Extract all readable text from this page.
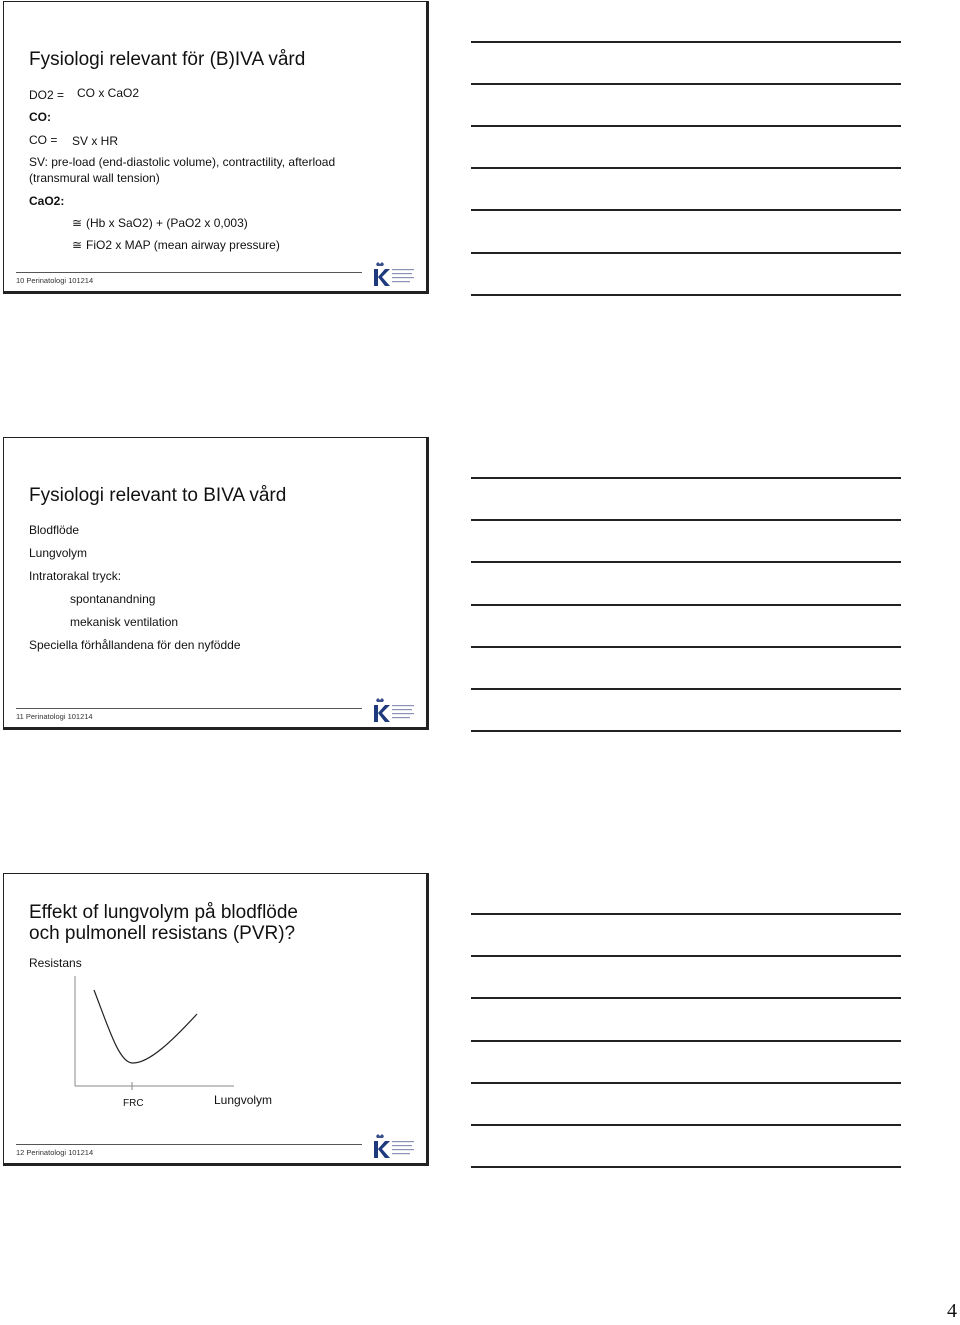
Fysiologi relevant för (B)IVA vård
DO2 = CO x CaO2
CO:
CO = SV x HR
SV: pre-load (end-diastolic volume), contractility, afterload
(transmural wall tension)
CaO2:
≅ (Hb x SaO2) + (PaO2 x 0,003)
≅ FiO2 x MAP (mean airway pressure)
10 Perinatologi 101214
Fysiologi relevant to BIVA vård
Blodflöde
Lungvolym
Intratorakal tryck:
spontanandning
mekanisk ventilation
Speciella förhållandena för den nyfödde
11 Perinatologi 101214
Effekt of lungvolym på blodflöde
och pulmonell resistans (PVR)?
Resistans
FRC	Lungvolym
12 Perinatologi 101214
4
